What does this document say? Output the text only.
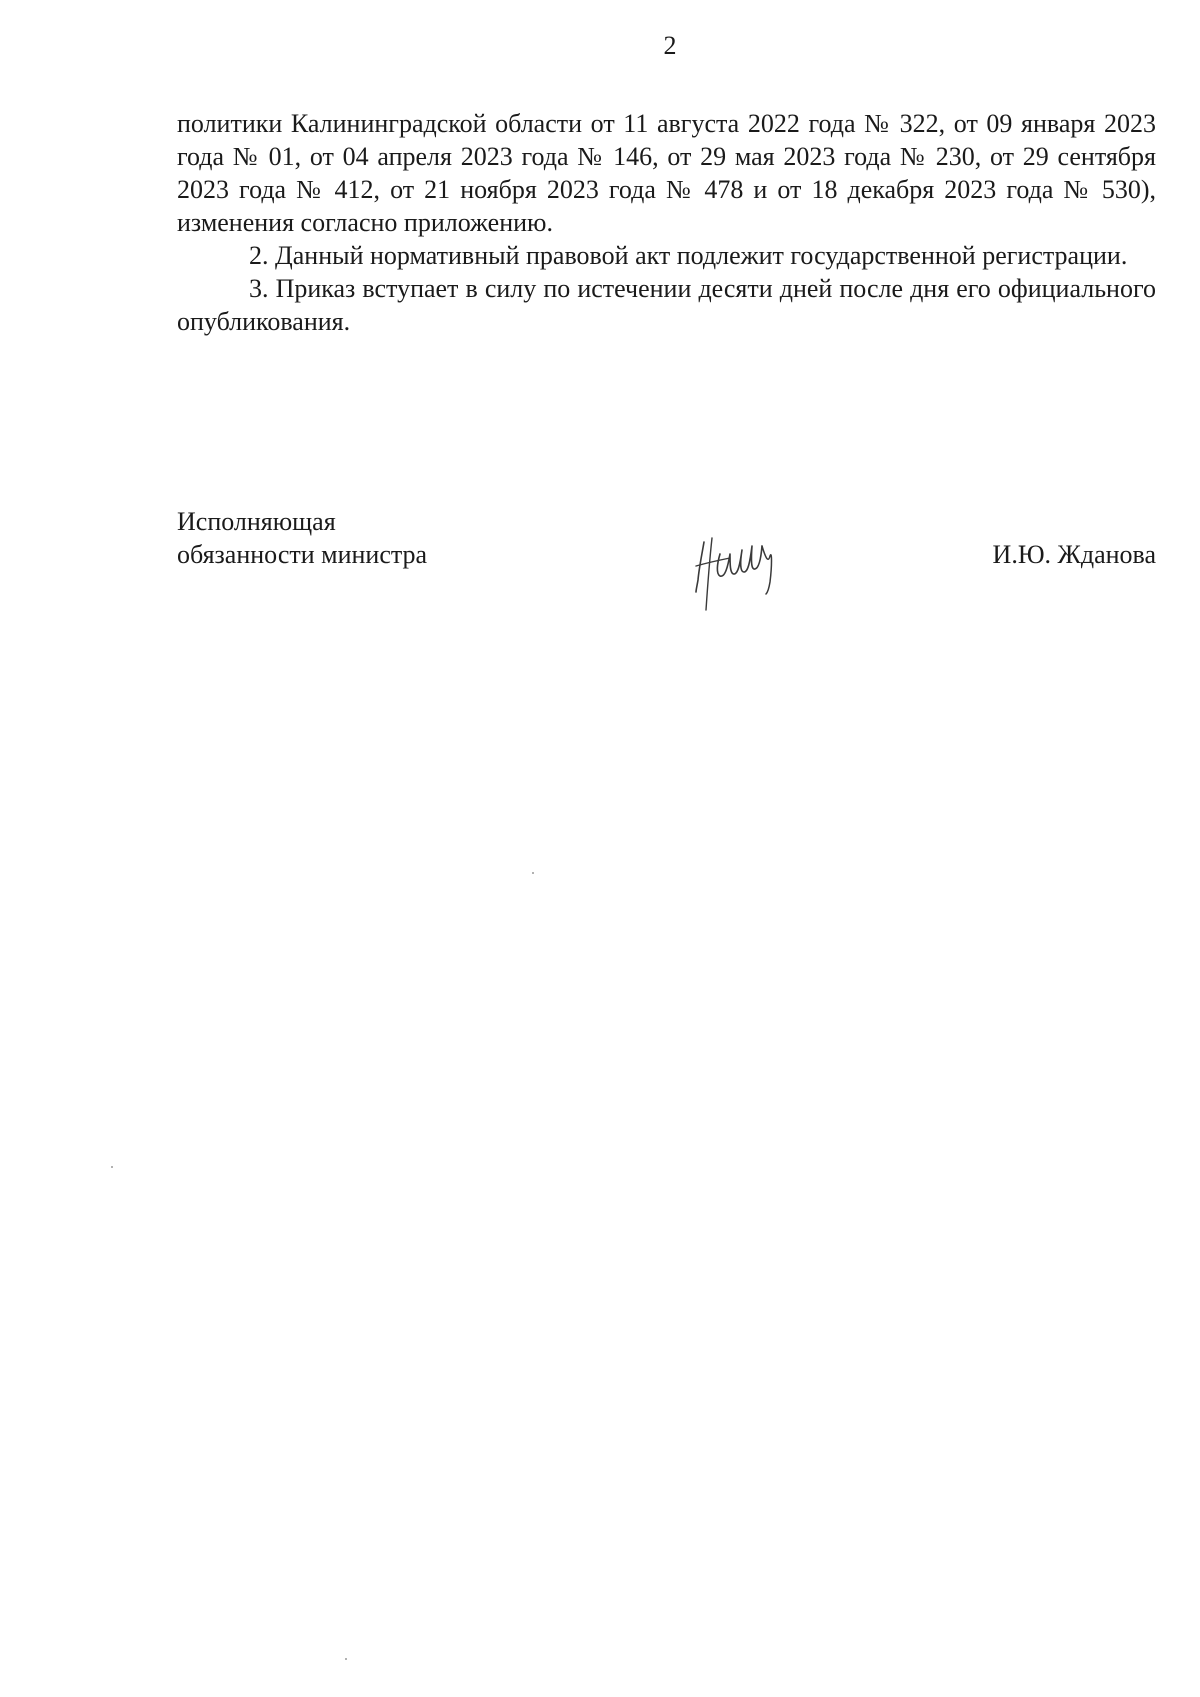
2

политики Калининградской области от 11 августа 2022 года № 322, от 09 января 2023 года № 01, от 04 апреля 2023 года № 146, от 29 мая 2023 года № 230, от 29 сентября 2023 года № 412, от 21 ноября 2023 года № 478 и от 18 декабря 2023 года № 530), изменения согласно приложению.

2. Данный нормативный правовой акт подлежит государственной регистрации.

3. Приказ вступает в силу по истечении десяти дней после дня его официального опубликования.

Исполняющая
обязанности министра	И.Ю. Жданова
